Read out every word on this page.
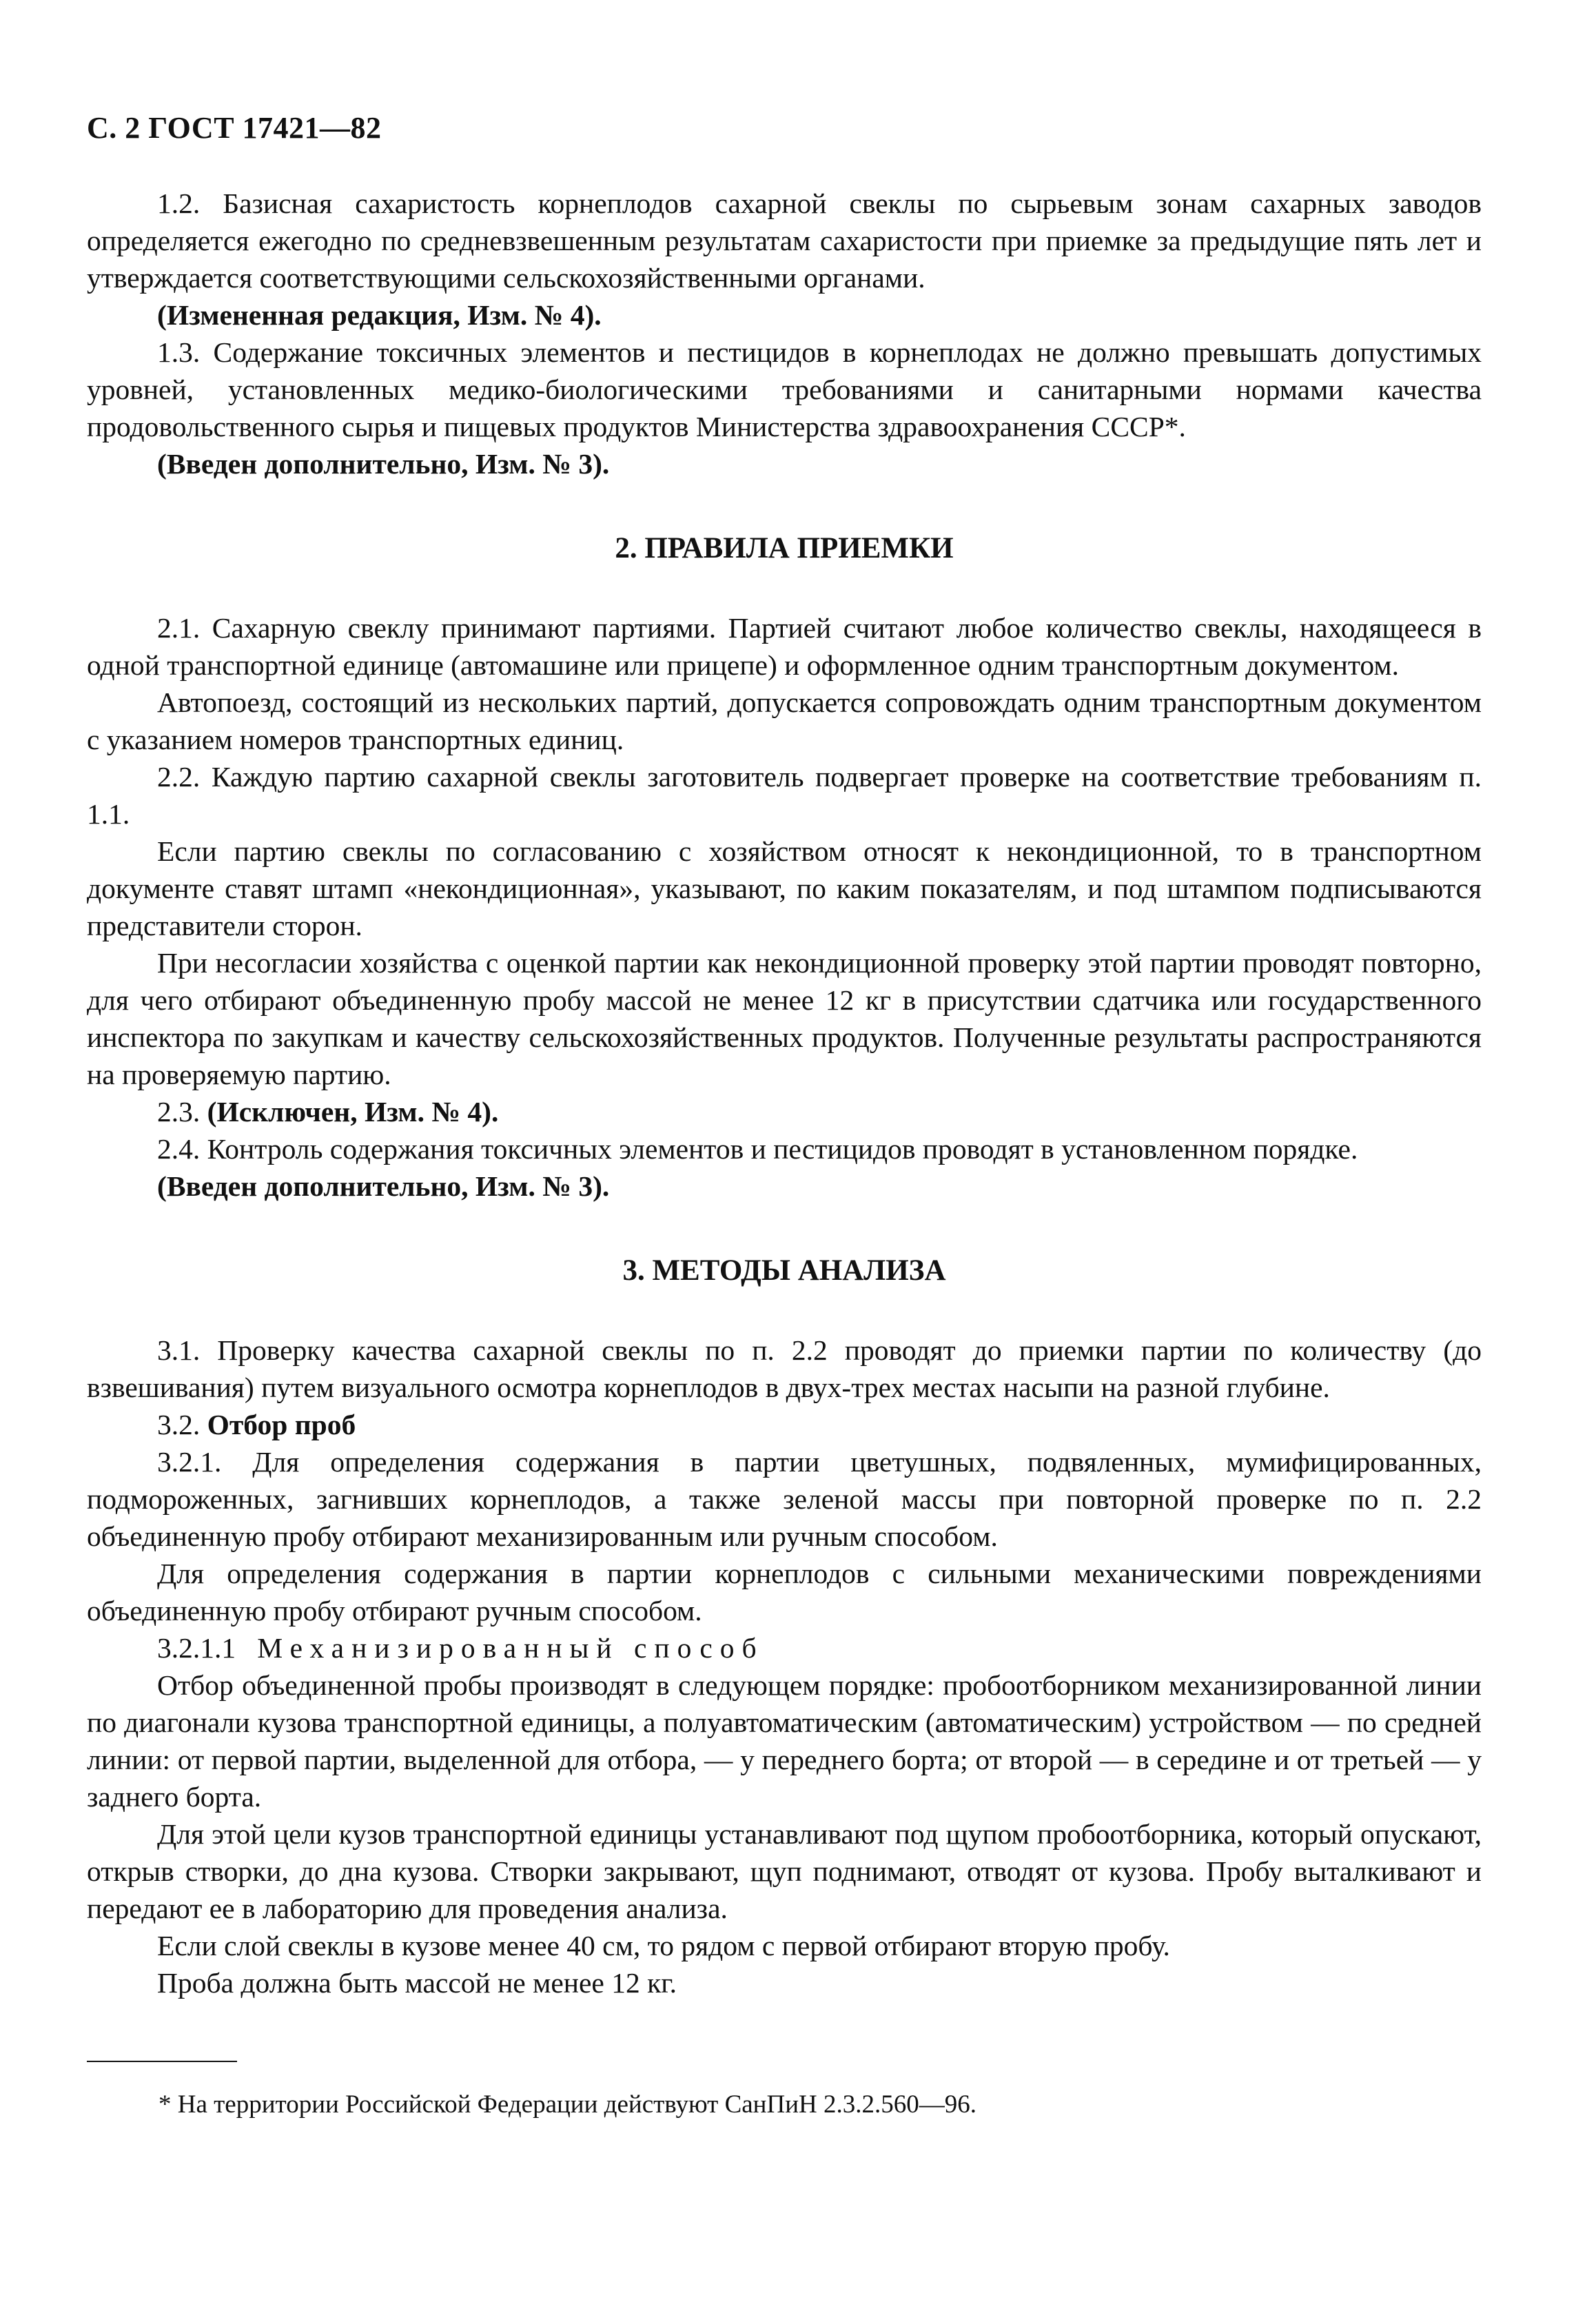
С. 2 ГОСТ 17421—82

1.2. Базисная сахаристость корнеплодов сахарной свеклы по сырьевым зонам сахарных заводов определяется ежегодно по средневзвешенным результатам сахаристости при приемке за предыдущие пять лет и утверждается соответствующими сельскохозяйственными органами.

(Измененная редакция, Изм. № 4).

1.3. Содержание токсичных элементов и пестицидов в корнеплодах не должно превышать допустимых уровней, установленных медико-биологическими требованиями и санитарными нормами качества продовольственного сырья и пищевых продуктов Министерства здравоохранения СССР*.

(Введен дополнительно, Изм. № 3).

2. ПРАВИЛА ПРИЕМКИ

2.1. Сахарную свеклу принимают партиями. Партией считают любое количество свеклы, находящееся в одной транспортной единице (автомашине или прицепе) и оформленное одним транспортным документом.

Автопоезд, состоящий из нескольких партий, допускается сопровождать одним транспортным документом с указанием номеров транспортных единиц.

2.2. Каждую партию сахарной свеклы заготовитель подвергает проверке на соответствие требованиям п. 1.1.

Если партию свеклы по согласованию с хозяйством относят к некондиционной, то в транспортном документе ставят штамп «некондиционная», указывают, по каким показателям, и под штампом подписываются представители сторон.

При несогласии хозяйства с оценкой партии как некондиционной проверку этой партии проводят повторно, для чего отбирают объединенную пробу массой не менее 12 кг в присутствии сдатчика или государственного инспектора по закупкам и качеству сельскохозяйственных продуктов. Полученные результаты распространяются на проверяемую партию.

2.3. (Исключен, Изм. № 4).

2.4. Контроль содержания токсичных элементов и пестицидов проводят в установленном порядке.

(Введен дополнительно, Изм. № 3).

3. МЕТОДЫ АНАЛИЗА

3.1. Проверку качества сахарной свеклы по п. 2.2 проводят до приемки партии по количеству (до взвешивания) путем визуального осмотра корнеплодов в двух-трех местах насыпи на разной глубине.

3.2. Отбор проб

3.2.1. Для определения содержания в партии цветушных, подвяленных, мумифицированных, подмороженных, загнивших корнеплодов, а также зеленой массы при повторной проверке по п. 2.2 объединенную пробу отбирают механизированным или ручным способом.

Для определения содержания в партии корнеплодов с сильными механическими повреждениями объединенную пробу отбирают ручным способом.

3.2.1.1 Механизированный способ

Отбор объединенной пробы производят в следующем порядке: пробоотборником механизированной линии по диагонали кузова транспортной единицы, а полуавтоматическим (автоматическим) устройством — по средней линии: от первой партии, выделенной для отбора, — у переднего борта; от второй — в середине и от третьей — у заднего борта.

Для этой цели кузов транспортной единицы устанавливают под щупом пробоотборника, который опускают, открыв створки, до дна кузова. Створки закрывают, щуп поднимают, отводят от кузова. Пробу выталкивают и передают ее в лабораторию для проведения анализа.

Если слой свеклы в кузове менее 40 см, то рядом с первой отбирают вторую пробу.

Проба должна быть массой не менее 12 кг.

* На территории Российской Федерации действуют СанПиН 2.3.2.560—96.
